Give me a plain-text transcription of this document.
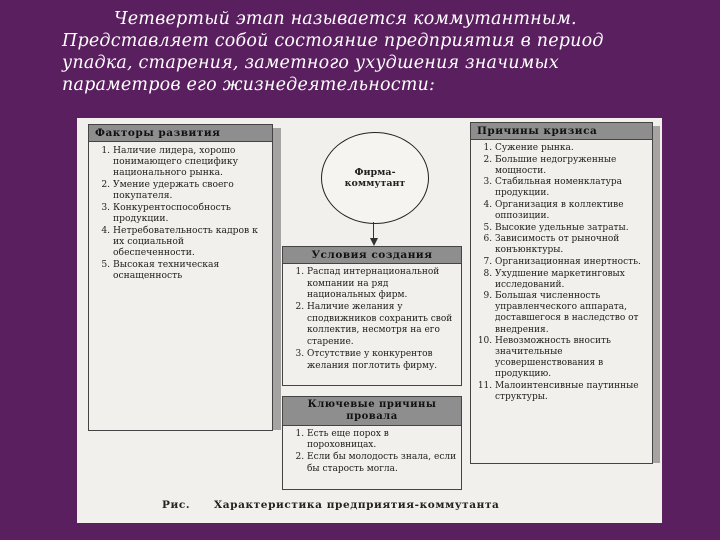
Четвертый этап называется коммутантным.
Представляет собой состояние предприятия в период
упадка, старения, заметного ухудшения значимых
параметров его жизнедеятельности:
Факторы развития
1. Наличие лидера, хорошо понимающего специфику национального рынка.
2. Умение удержать своего покупателя.
3. Конкурентоспособность продукции.
4. Нетребовательность кадров к их социальной обеспеченности.
5. Высокая техническая оснащенность
Фирма-
коммутант
Условия создания
1. Распад интернациональной компании на ряд национальных фирм.
2. Наличие желания у сподвижников сохранить свой коллектив, несмотря на его старение.
3. Отсутствие у конкурентов желания поглотить фирму.
Ключевые причины провала
1. Есть еще порох в пороховницах.
2. Если бы молодость знала, если бы старость могла.
Причины кризиса
1. Сужение рынка.
2. Большие недогруженные мощности.
3. Стабильная номенклатура продукции.
4. Организация в коллективе оппозиции.
5. Высокие удельные затраты.
6. Зависимость от рыночной конъюнктуры.
7. Организационная инертность.
8. Ухудшение маркетинговых исследований.
9. Большая численность управленческого аппарата, доставшегося в наследство от внедрения.
10. Невозможность вносить значительные усовершенствования в продукцию.
11. Малоинтенсивные паутинные структуры.
Рис. Характеристика предприятия-коммутанта
